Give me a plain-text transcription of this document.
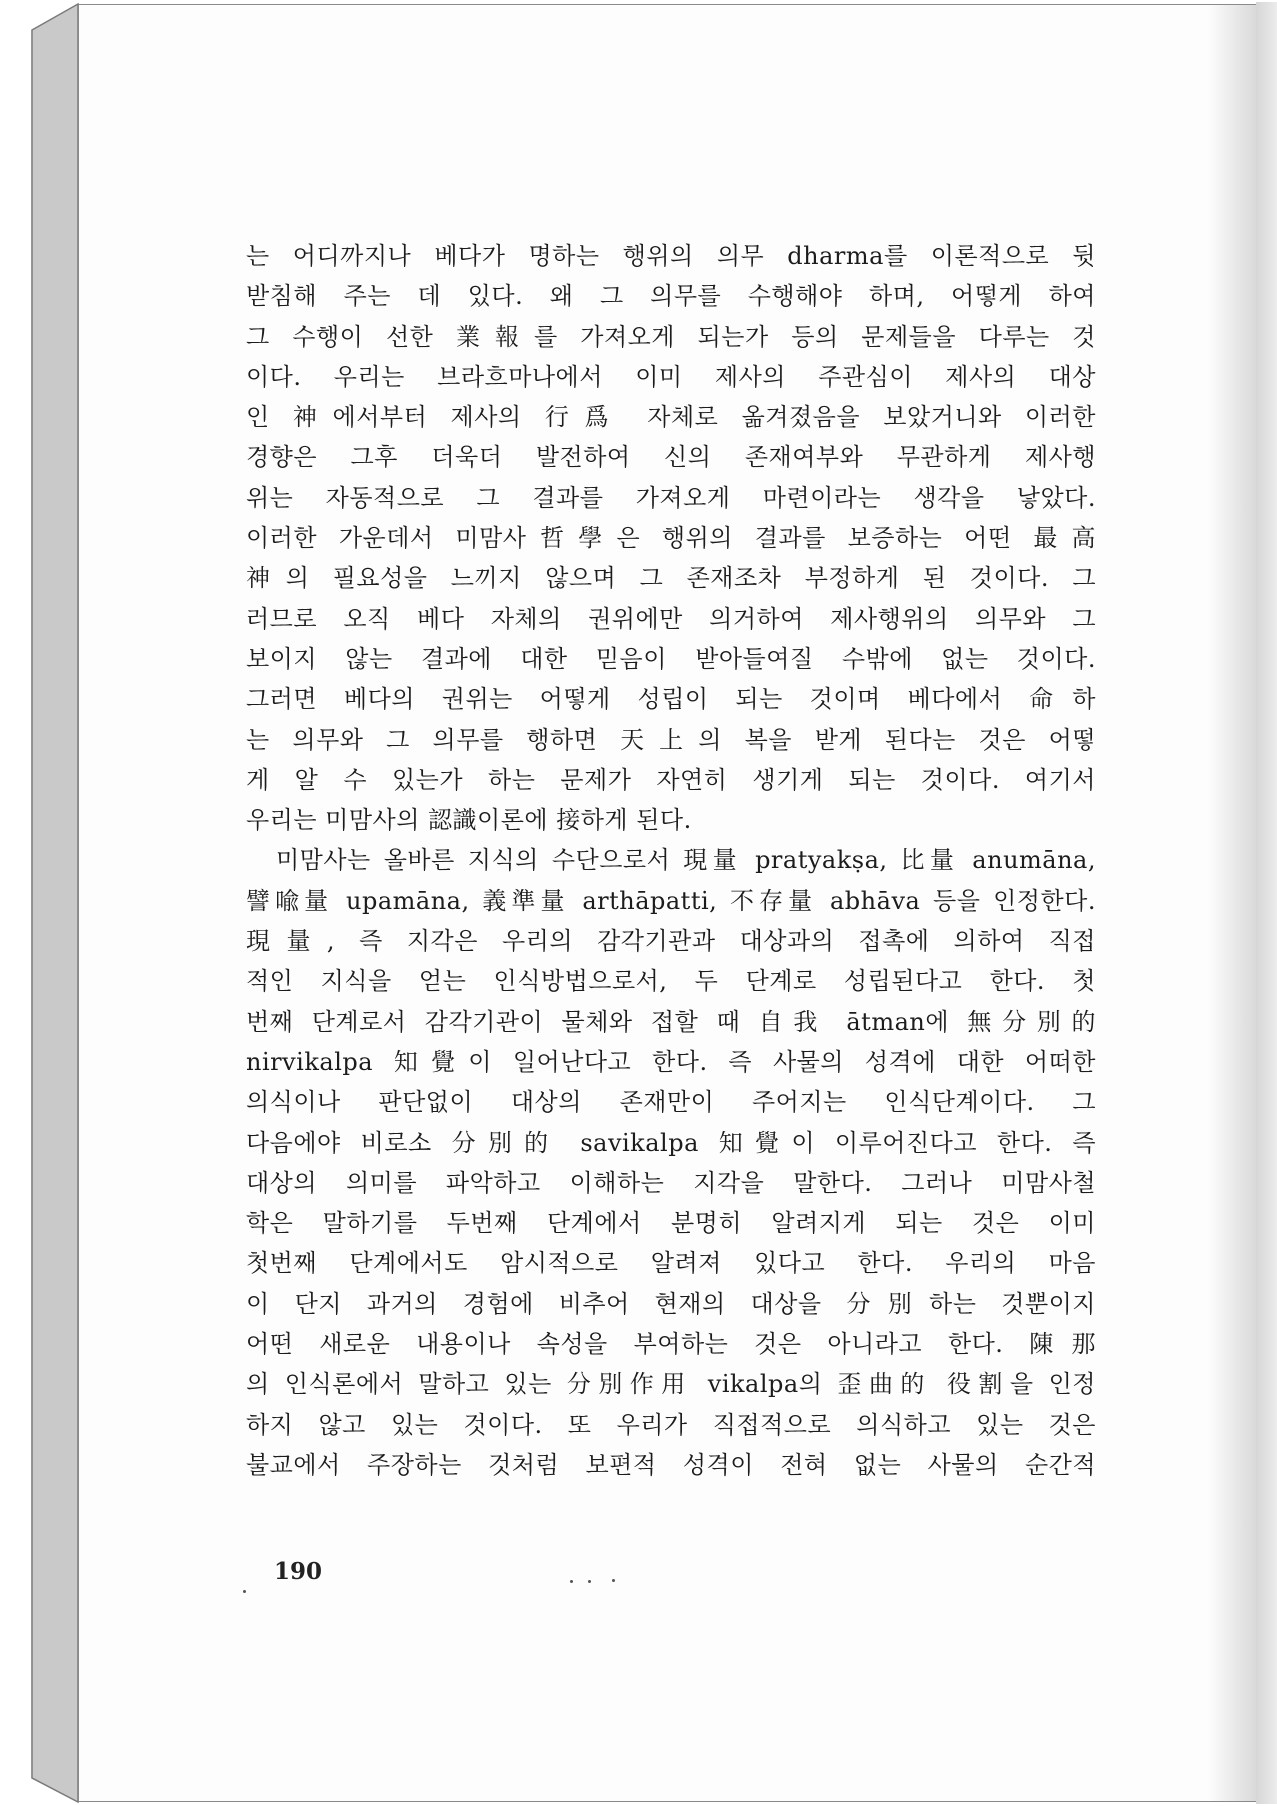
는 어디까지나 베다가 명하는 행위의 의무 dharma를 이론적으로 뒷
받침해 주는 데 있다. 왜 그 의무를 수행해야 하며, 어떻게 하여
그 수행이 선한 業報를 가져오게 되는가 등의 문제들을 다루는 것
이다. 우리는 브라흐마나에서 이미 제사의 주관심이 제사의 대상
인 神에서부터 제사의 行爲 자체로 옮겨졌음을 보았거니와 이러한
경향은 그후 더욱더 발전하여 신의 존재여부와 무관하게 제사행
위는 자동적으로 그 결과를 가져오게 마련이라는 생각을 낳았다.
이러한 가운데서 미맘사哲學은 행위의 결과를 보증하는 어떤 最高
神의 필요성을 느끼지 않으며 그 존재조차 부정하게 된 것이다. 그
러므로 오직 베다 자체의 권위에만 의거하여 제사행위의 의무와 그
보이지 않는 결과에 대한 믿음이 받아들여질 수밖에 없는 것이다.
그러면 베다의 권위는 어떻게 성립이 되는 것이며 베다에서 命하
는 의무와 그 의무를 행하면 天上의 복을 받게 된다는 것은 어떻
게 알 수 있는가 하는 문제가 자연히 생기게 되는 것이다. 여기서
우리는 미맘사의 認識이론에 接하게 된다.
미맘사는 올바른 지식의 수단으로서 現量 pratyakṣa, 比量 anumāna,
譬喩量 upamāna, 義準量 arthāpatti, 不存量 abhāva 등을 인정한다.
現量, 즉 지각은 우리의 감각기관과 대상과의 접촉에 의하여 직접
적인 지식을 얻는 인식방법으로서, 두 단계로 성립된다고 한다. 첫
번째 단계로서 감각기관이 물체와 접할 때 自我 ātman에 無分別的
nirvikalpa 知覺이 일어난다고 한다. 즉 사물의 성격에 대한 어떠한
의식이나 판단없이 대상의 존재만이 주어지는 인식단계이다. 그
다음에야 비로소 分別的 savikalpa 知覺이 이루어진다고 한다. 즉
대상의 의미를 파악하고 이해하는 지각을 말한다. 그러나 미맘사철
학은 말하기를 두번째 단계에서 분명히 알려지게 되는 것은 이미
첫번째 단계에서도 암시적으로 알려져 있다고 한다. 우리의 마음
이 단지 과거의 경험에 비추어 현재의 대상을 分別하는 것뿐이지
어떤 새로운 내용이나 속성을 부여하는 것은 아니라고 한다. 陳那
의 인식론에서 말하고 있는 分別作用 vikalpa의 歪曲的 役割을 인정
하지 않고 있는 것이다. 또 우리가 직접적으로 의식하고 있는 것은
불교에서 주장하는 것처럼 보편적 성격이 전혀 없는 사물의 순간적
190
